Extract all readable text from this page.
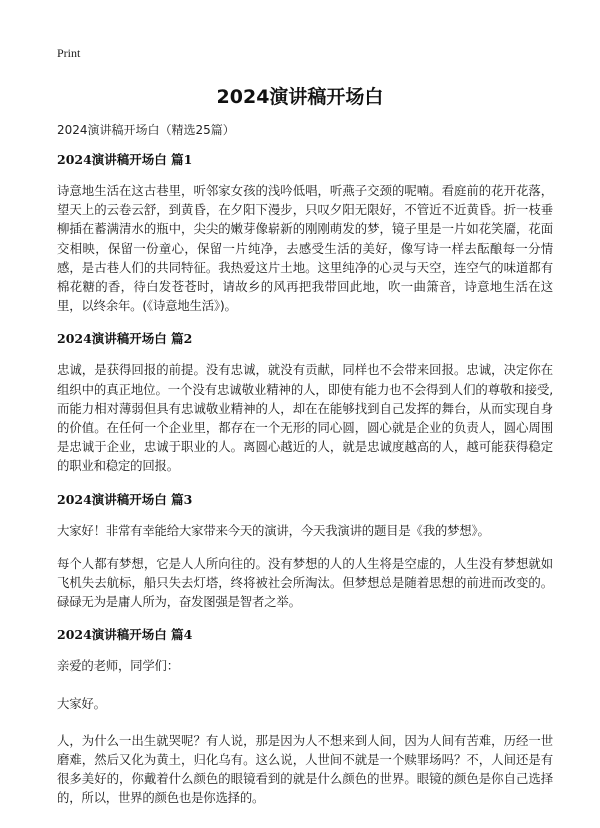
Print
2024演讲稿开场白
2024演讲稿开场白（精选25篇）
2024演讲稿开场白 篇1

诗意地生活在这古巷里，听邻家女孩的浅吟低唱，听燕子交颈的呢喃。看庭前的花开花落，望天上的云卷云舒，到黄昏，在夕阳下漫步，只叹夕阳无限好，不管近不近黄昏。折一枝垂柳插在蓄满清水的瓶中，尖尖的嫩芽像崭新的刚刚萌发的梦，镜子里是一片如花笑靥，花面交相映，保留一份童心，保留一片纯净，去感受生活的美好，像写诗一样去酝酿每一分情感，是古巷人们的共同特征。我热爱这片土地。这里纯净的心灵与天空，连空气的味道都有棉花糖的香，待白发苍苍时，请故乡的风再把我带回此地，吹一曲箫音，诗意地生活在这里，以终余年。(《诗意地生活》)。

2024演讲稿开场白 篇2

忠诚，是获得回报的前提。没有忠诚，就没有贡献，同样也不会带来回报。忠诚，决定你在组织中的真正地位。一个没有忠诚敬业精神的人，即使有能力也不会得到人们的尊敬和接受,而能力相对薄弱但具有忠诚敬业精神的人，却在在能够找到自己发挥的舞台，从而实现自身的价值。在任何一个企业里，都存在一个无形的同心圆，圆心就是企业的负责人，圆心周围是忠诚于企业，忠诚于职业的人。离圆心越近的人，就是忠诚度越高的人，越可能获得稳定的职业和稳定的回报。

2024演讲稿开场白 篇3

大家好！非常有幸能给大家带来今天的演讲，今天我演讲的题目是《我的梦想》。

每个人都有梦想，它是人人所向往的。没有梦想的人的人生将是空虚的，人生没有梦想就如飞机失去航标，船只失去灯塔，终将被社会所淘汰。但梦想总是随着思想的前进而改变的。碌碌无为是庸人所为，奋发图强是智者之举。

2024演讲稿开场白 篇4

亲爱的老师，同学们：

大家好。

人，为什么一出生就哭呢？有人说，那是因为人不想来到人间，因为人间有苦难，历经一世磨难，然后又化为黄土，归化乌有。这么说，人世间不就是一个赎罪场吗？不，人间还是有很多美好的，你戴着什么颜色的眼镜看到的就是什么颜色的世界。眼镜的颜色是你自己选择的，所以，世界的颜色也是你选择的。
